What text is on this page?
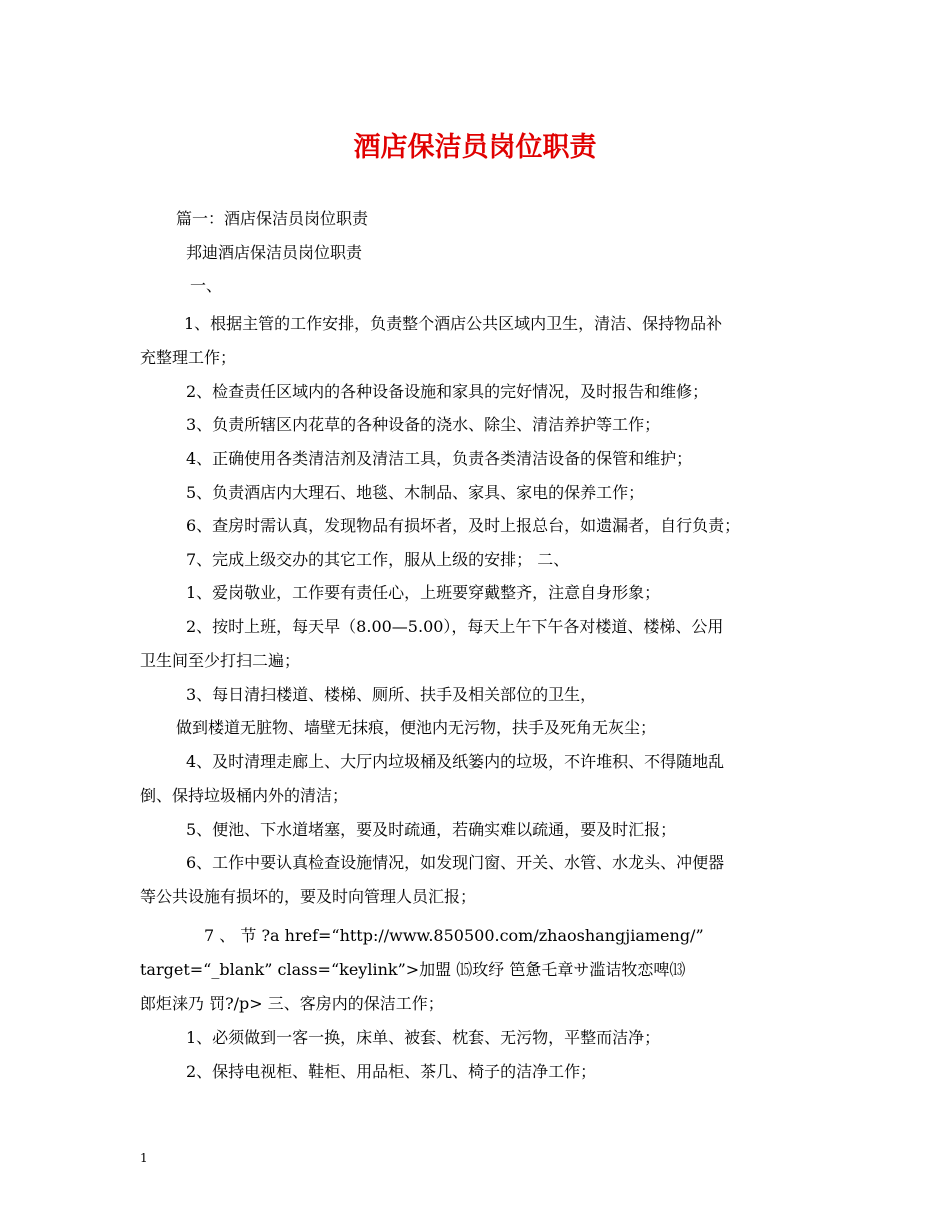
酒店保洁员岗位职责
篇一：酒店保洁员岗位职责
邦迪酒店保洁员岗位职责
一、
1、根据主管的工作安排，负责整个酒店公共区域内卫生，清洁、保持物品补
充整理工作；
2、检查责任区域内的各种设备设施和家具的完好情况，及时报告和维修；
3、负责所辖区内花草的各种设备的浇水、除尘、清洁养护等工作；
4、正确使用各类清洁剂及清洁工具，负责各类清洁设备的保管和维护；
5、负责酒店内大理石、地毯、木制品、家具、家电的保养工作；
6、查房时需认真，发现物品有损坏者，及时上报总台，如遗漏者，自行负责；
7、完成上级交办的其它工作，服从上级的安排； 二、
1、爱岗敬业，工作要有责任心，上班要穿戴整齐，注意自身形象；
2、按时上班，每天早（8.00—5.00），每天上午下午各对楼道、楼梯、公用
卫生间至少打扫二遍；
3、每日清扫楼道、楼梯、厕所、扶手及相关部位的卫生，
做到楼道无脏物、墙壁无抹痕，便池内无污物，扶手及死角无灰尘；
4、及时清理走廊上、大厅内垃圾桶及纸篓内的垃圾，不许堆积、不得随地乱
倒、保持垃圾桶内外的清洁；
5、便池、下水道堵塞，要及时疏通，若确实难以疏通，要及时汇报；
6、工作中要认真检查设施情况，如发现门窗、开关、水管、水龙头、冲便器
等公共设施有损坏的，要及时向管理人员汇报；
7 、 节 ?a href=“http://www.850500.com/zhaoshangjiameng/”
target=“_blank” class=“keylink”>加盟 ⒂玫纾 笆惫乇章サ滥诘牧恋啤⒀
郎炬涞乃 罚?/p> 三、客房内的保洁工作；
1、必须做到一客一换，床单、被套、枕套、无污物，平整而洁净；
2、保持电视柜、鞋柜、用品柜、茶几、椅子的洁净工作；
1
